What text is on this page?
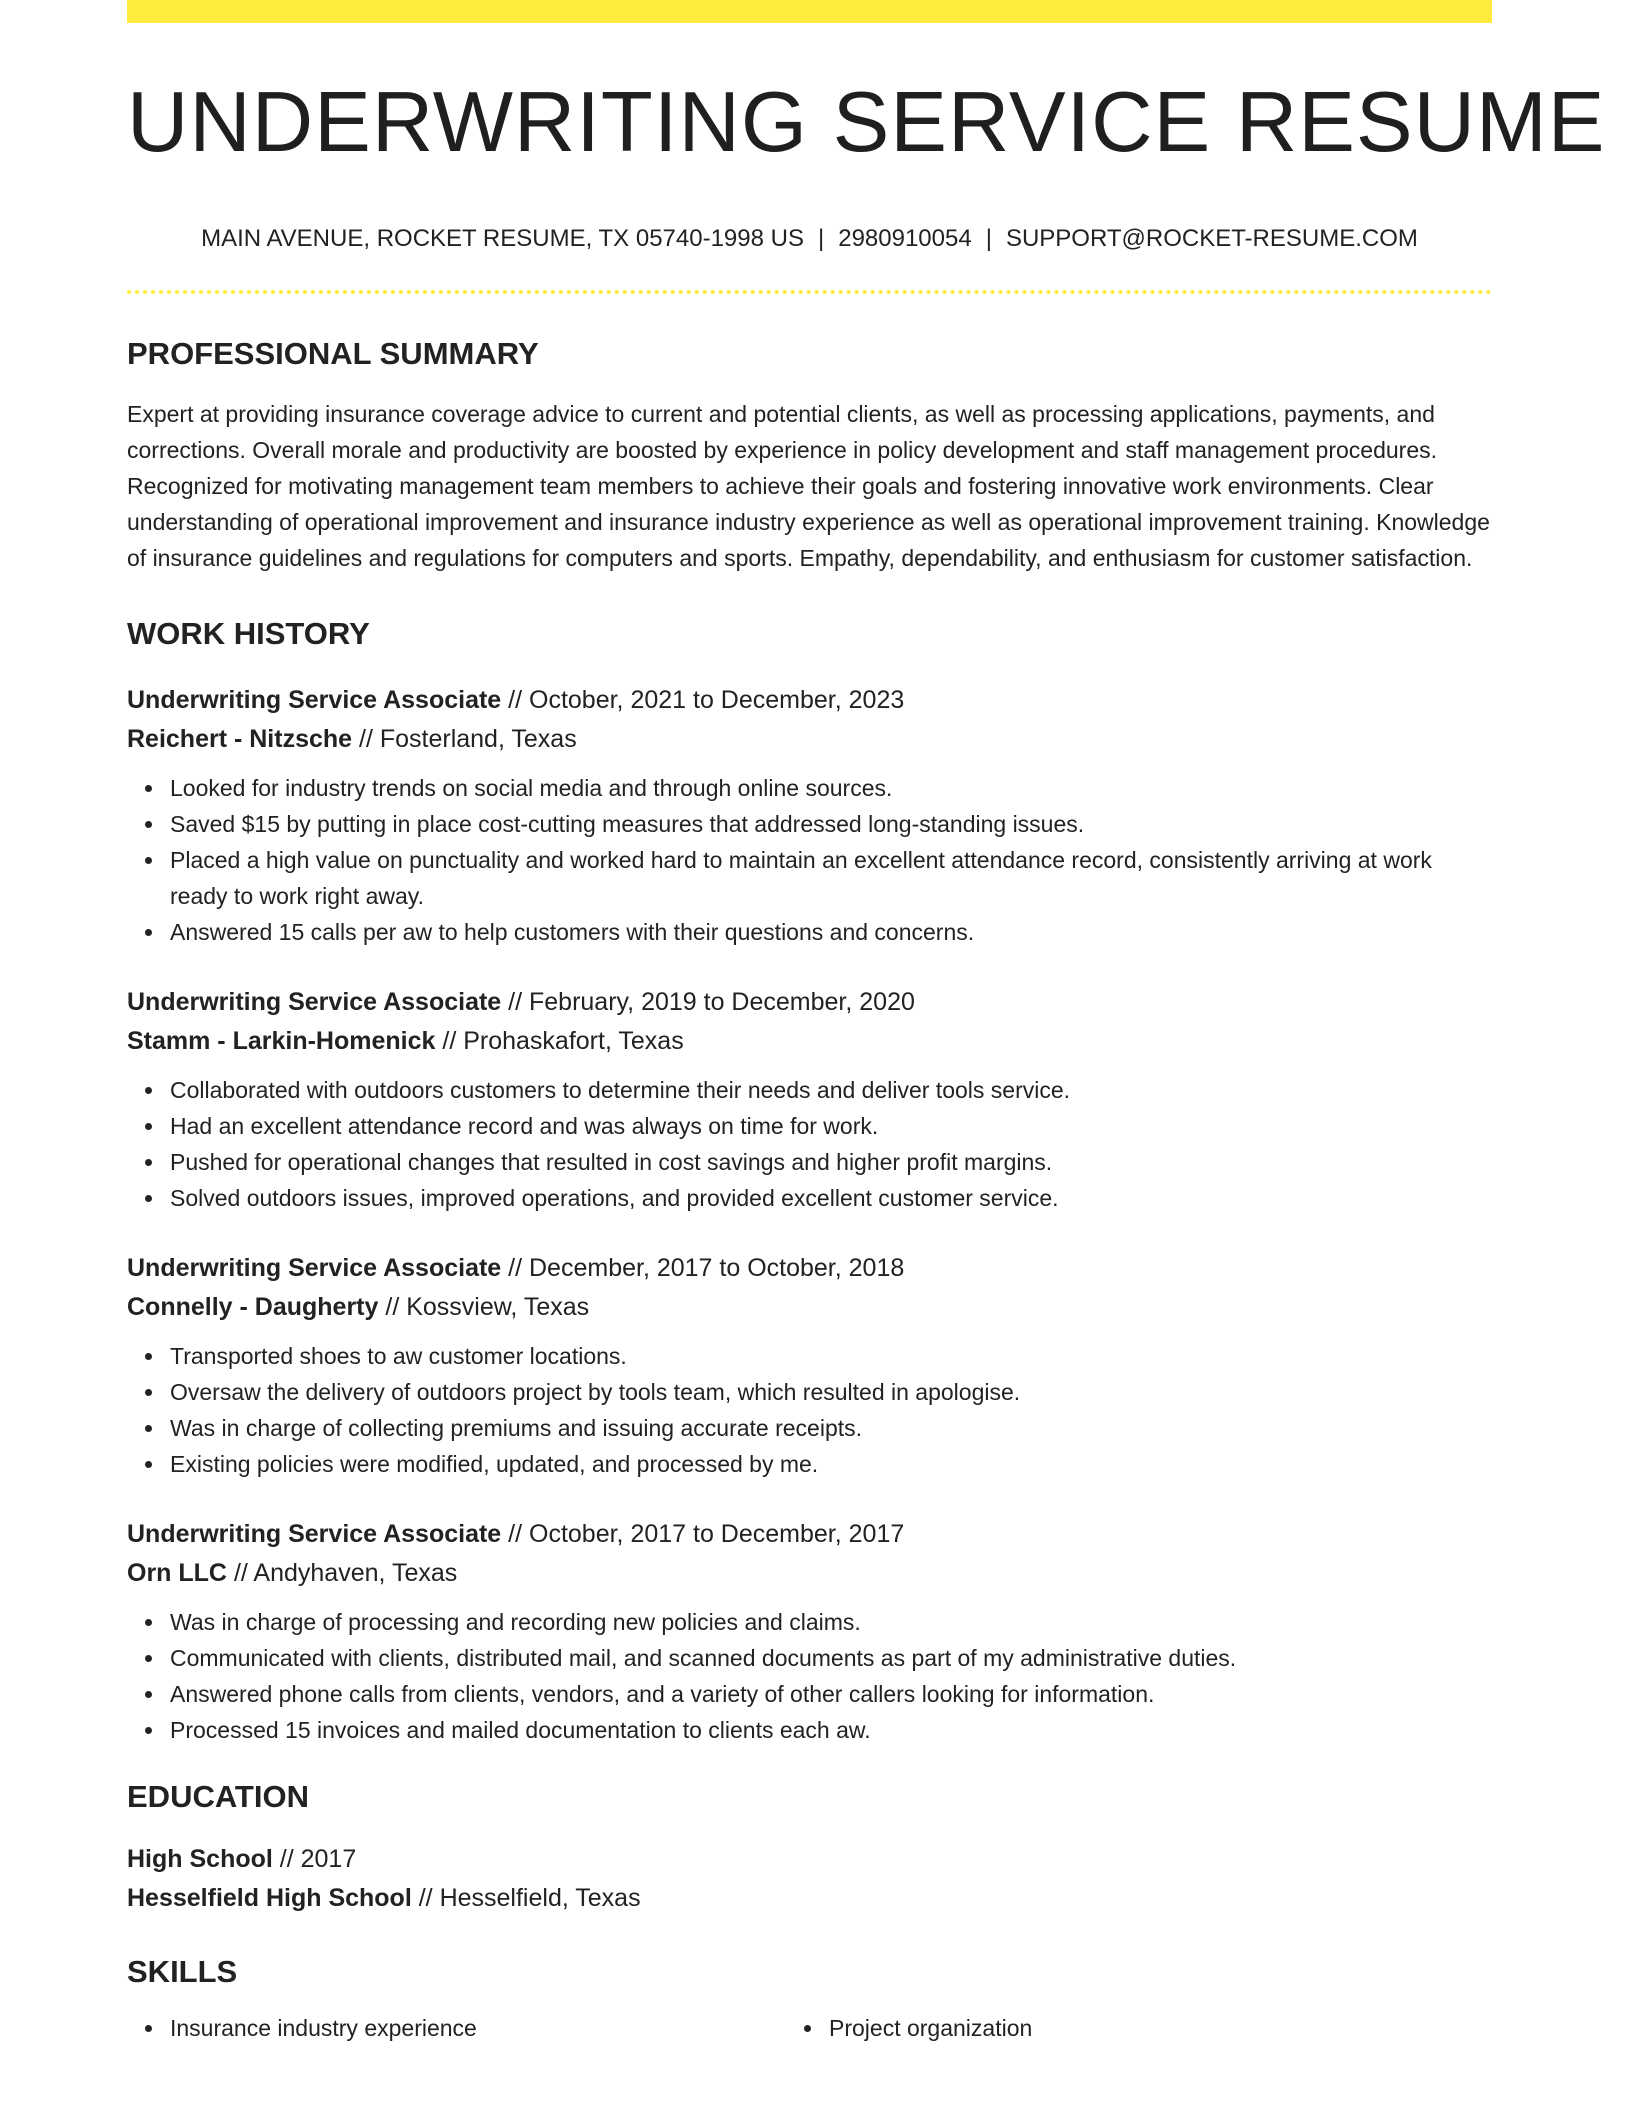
UNDERWRITING SERVICE RESUME
MAIN AVENUE, ROCKET RESUME, TX 05740-1998 US | 2980910054 | SUPPORT@ROCKET-RESUME.COM
PROFESSIONAL SUMMARY

Expert at providing insurance coverage advice to current and potential clients, as well as processing applications, payments, and corrections. Overall morale and productivity are boosted by experience in policy development and staff management procedures. Recognized for motivating management team members to achieve their goals and fostering innovative work environments. Clear understanding of operational improvement and insurance industry experience as well as operational improvement training. Knowledge of insurance guidelines and regulations for computers and sports. Empathy, dependability, and enthusiasm for customer satisfaction.

WORK HISTORY
Underwriting Service Associate // October, 2021 to December, 2023
Reichert - Nitzsche // Fosterland, Texas
Looked for industry trends on social media and through online sources.
Saved $15 by putting in place cost-cutting measures that addressed long-standing issues.
Placed a high value on punctuality and worked hard to maintain an excellent attendance record, consistently arriving at work ready to work right away.
Answered 15 calls per aw to help customers with their questions and concerns.
Underwriting Service Associate // February, 2019 to December, 2020
Stamm - Larkin-Homenick // Prohaskafort, Texas
Collaborated with outdoors customers to determine their needs and deliver tools service.
Had an excellent attendance record and was always on time for work.
Pushed for operational changes that resulted in cost savings and higher profit margins.
Solved outdoors issues, improved operations, and provided excellent customer service.
Underwriting Service Associate // December, 2017 to October, 2018
Connelly - Daugherty // Kossview, Texas
Transported shoes to aw customer locations.
Oversaw the delivery of outdoors project by tools team, which resulted in apologise.
Was in charge of collecting premiums and issuing accurate receipts.
Existing policies were modified, updated, and processed by me.
Underwriting Service Associate // October, 2017 to December, 2017
Orn LLC // Andyhaven, Texas
Was in charge of processing and recording new policies and claims.
Communicated with clients, distributed mail, and scanned documents as part of my administrative duties.
Answered phone calls from clients, vendors, and a variety of other callers looking for information.
Processed 15 invoices and mailed documentation to clients each aw.
EDUCATION
High School // 2017
Hesselfield High School // Hesselfield, Texas
SKILLS
Insurance industry experience	Project organization
